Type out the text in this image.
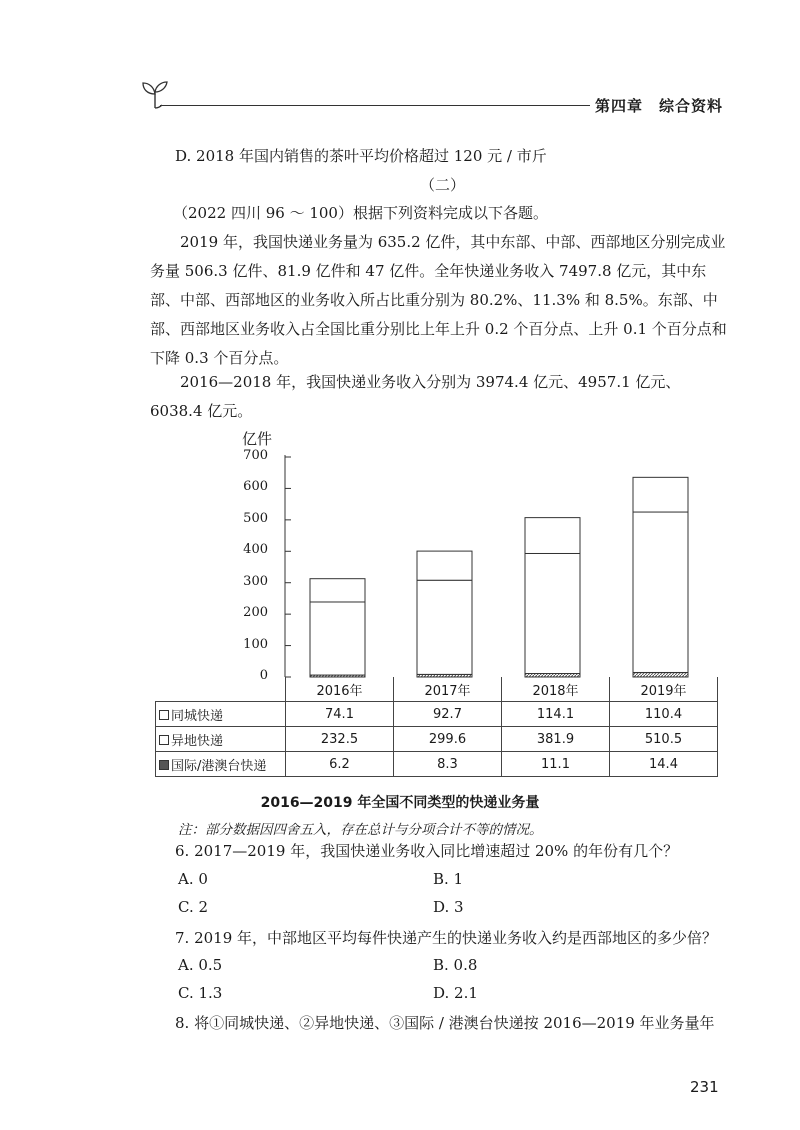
第四章　综合资料
D. 2018 年国内销售的茶叶平均价格超过 120 元 / 市斤
（二）
（2022 四川 96 ～ 100）根据下列资料完成以下各题。
2019 年，我国快递业务量为 635.2 亿件，其中东部、中部、西部地区分别完成业务量 506.3 亿件、81.9 亿件和 47 亿件。全年快递业务收入 7497.8 亿元，其中东部、中部、西部地区的业务收入所占比重分别为 80.2%、11.3% 和 8.5%。东部、中部、西部地区业务收入占全国比重分别比上年上升 0.2 个百分点、上升 0.1 个百分点和下降 0.3 个百分点。
2016—2018 年，我国快递业务收入分别为 3974.4 亿元、4957.1 亿元、6038.4 亿元。
亿件
700
600
500
400
300
200
100
0
	2016年	2017年	2018年	2019年
同城快递	74.1	92.7	114.1	110.4
异地快递	232.5	299.6	381.9	510.5
国际/港澳台快递	6.2	8.3	11.1	14.4
2016—2019 年全国不同类型的快递业务量
注：部分数据因四舍五入，存在总计与分项合计不等的情况。
6. 2017—2019 年，我国快递业务收入同比增速超过 20% 的年份有几个？
A. 0	B. 1
C. 2	D. 3
7. 2019 年，中部地区平均每件快递产生的快递业务收入约是西部地区的多少倍？
A. 0.5	B. 0.8
C. 1.3	D. 2.1
8. 将①同城快递、②异地快递、③国际 / 港澳台快递按 2016—2019 年业务量年
231
